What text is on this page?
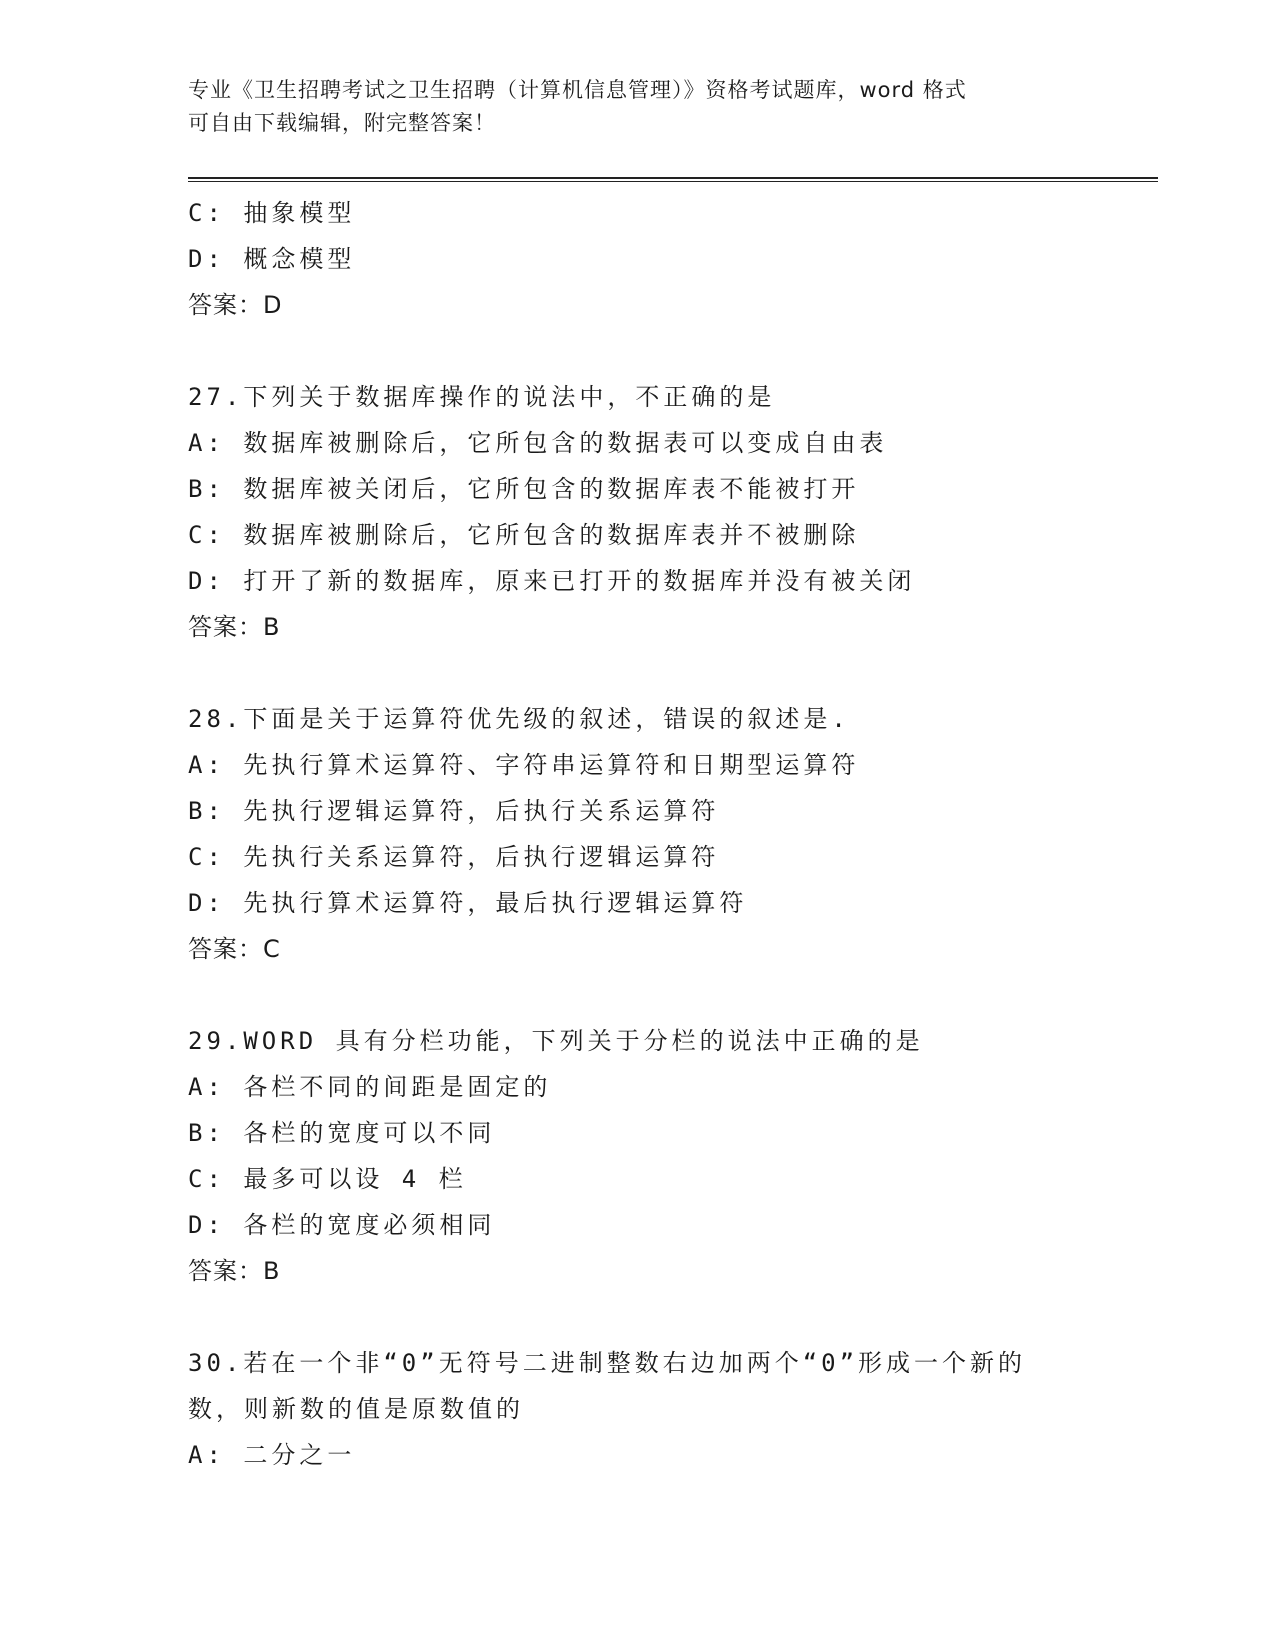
专业《卫生招聘考试之卫生招聘（计算机信息管理）》资格考试题库，word 格式
可自由下载编辑，附完整答案！
C: 抽象模型
D: 概念模型
答案：D
27.下列关于数据库操作的说法中，不正确的是
A: 数据库被删除后，它所包含的数据表可以变成自由表
B: 数据库被关闭后，它所包含的数据库表不能被打开
C: 数据库被删除后，它所包含的数据库表并不被删除
D: 打开了新的数据库，原来已打开的数据库并没有被关闭
答案：B
28.下面是关于运算符优先级的叙述，错误的叙述是.
A: 先执行算术运算符、字符串运算符和日期型运算符
B: 先执行逻辑运算符，后执行关系运算符
C: 先执行关系运算符，后执行逻辑运算符
D: 先执行算术运算符，最后执行逻辑运算符
答案：C
29.WORD 具有分栏功能，下列关于分栏的说法中正确的是
A: 各栏不同的间距是固定的
B: 各栏的宽度可以不同
C: 最多可以设 4 栏
D: 各栏的宽度必须相同
答案：B
30.若在一个非“0”无符号二进制整数右边加两个“0”形成一个新的
数，则新数的值是原数值的
A: 二分之一
